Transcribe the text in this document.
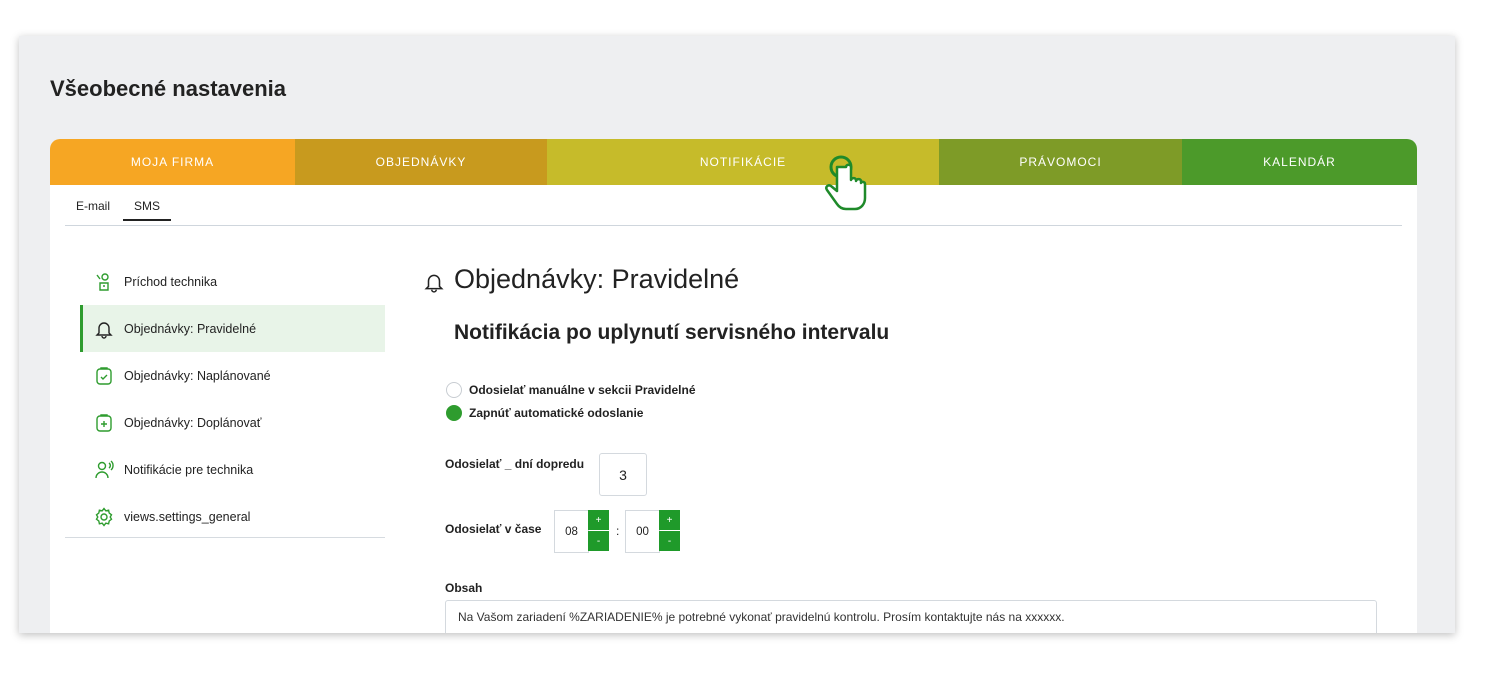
Všeobecné nastavenia
MOJA FIRMA	OBJEDNÁVKY	NOTIFIKÁCIE	PRÁVOMOCI	KALENDÁR
E-mail	SMS
Príchod technika
Objednávky: Pravidelné
Objednávky: Naplánované
Objednávky: Doplánovať
Notifikácie pre technika
views.settings_general
Objednávky: Pravidelné
Notifikácia po uplynutí servisného intervalu
Odosielať manuálne v sekcii Pravidelné
Zapnúť automatické odoslanie
Odosielať _ dní dopredu
3
Odosielať v čase	08
+
-
:	00
+
-
Obsah
Na Vašom zariadení %ZARIADENIE% je potrebné vykonať pravidelnú kontrolu. Prosím kontaktujte nás na xxxxxx.
